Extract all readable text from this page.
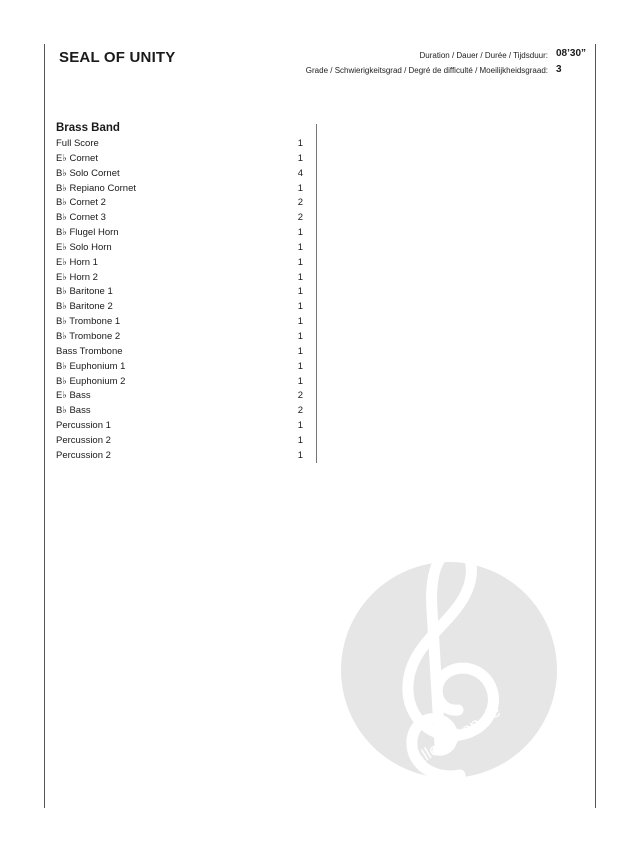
SEAL OF UNITY	Duration / Dauer / Durée / Tijdsduur: 08’30”
Grade / Schwierigkeitsgrad / Degré de difficulté / Moeilijkheidsgraad: 3
Brass Band
Full Score	1
E♭ Cornet	1
B♭ Solo Cornet	4
B♭ Repiano Cornet	1
B♭ Cornet 2	2
B♭ Cornet 3	2
B♭ Flugel Horn	1
E♭ Solo Horn	1
E♭ Horn 1	1
E♭ Horn 2	1
B♭ Baritone 1	1
B♭ Baritone 2	1
B♭ Trombone 1	1
B♭ Trombone 2	1
Bass Trombone	1
B♭ Euphonium 1	1
B♭ Euphonium 2	1
E♭ Bass	2
B♭ Bass	2
Percussion 1	1
Percussion 2	1
Percussion 2	1
alle-noten.de
